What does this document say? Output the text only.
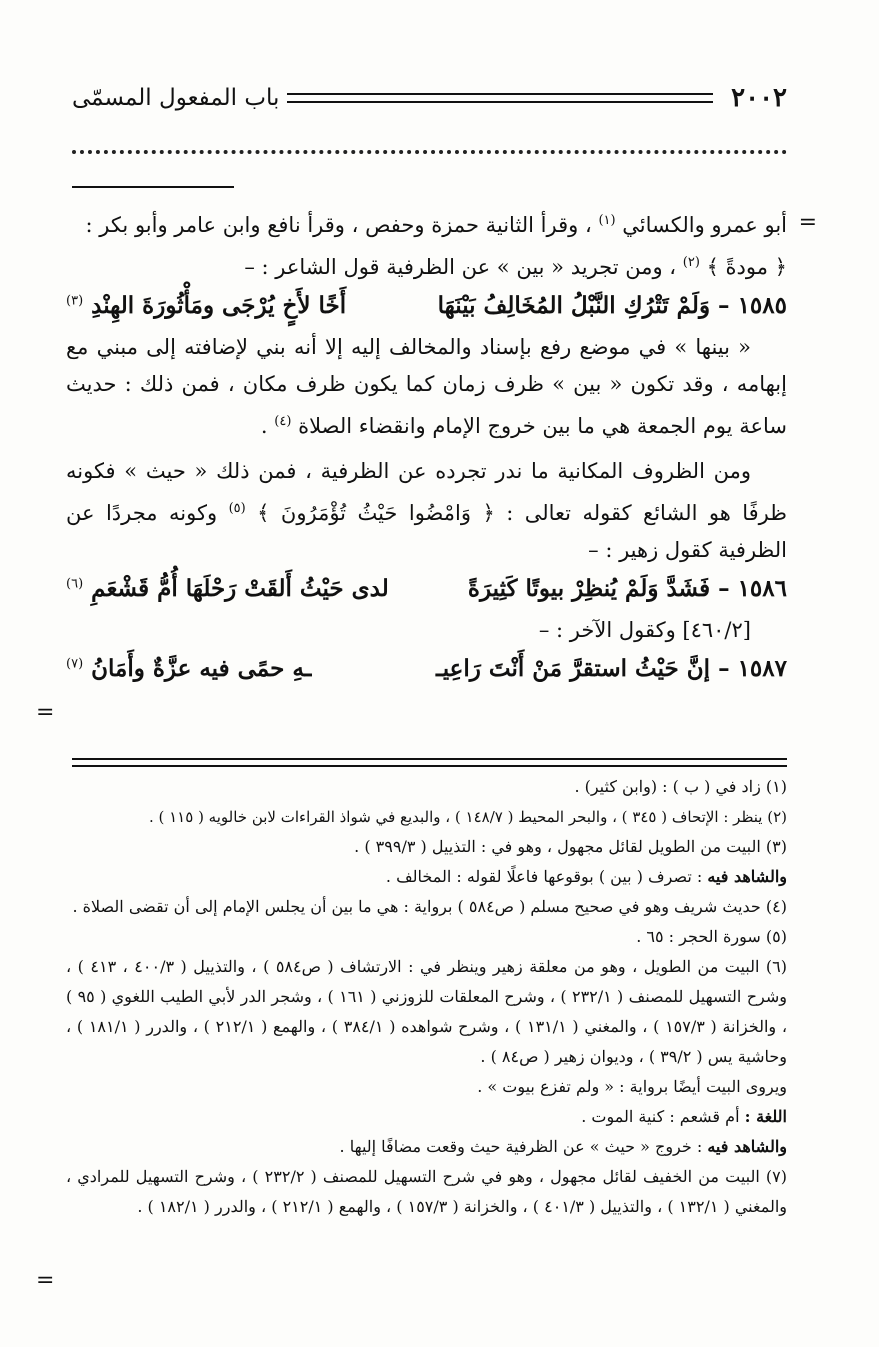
٢٠٠٢
باب المفعول المسمّى
=
أبو عمرو والكسائي $^{(١)}$ ، وقرأ الثانية حمزة وحفص ، وقرأ نافع وابن عامر وأبو بكر :
﴿ مودةً ﴾ $^{(٢)}$ ، ومن تجريد « بين » عن الظرفية قول الشاعر : –
١٥٨٥ – وَلَمْ تَتْرُكِ النَّبْلُ المُخَالِفُ بَيْنَهَا
أَخًا لأَخٍ يُرْجَى ومَأْثُورَةَ الهِنْدِ $^{(٣)}$
« بينها » في موضع رفع بإسناد والمخالف إليه إلا أنه بني لإضافته إلى مبني مع إبهامه ، وقد تكون « بين » ظرف زمان كما يكون ظرف مكان ، فمن ذلك : حديث ساعة يوم الجمعة هي ما بين خروج الإمام وانقضاء الصلاة $^{(٤)}$ .
ومن الظروف المكانية ما ندر تجرده عن الظرفية ، فمن ذلك « حيث » فكونه ظرفًا هو الشائع كقوله تعالى : ﴿ وَامْضُوا حَيْثُ تُؤْمَرُونَ ﴾ $^{(٥)}$ وكونه مجردًا عن الظرفية كقول زهير : –
١٥٨٦ – فَشَدَّ وَلَمْ يُنظِرْ بيوتًا كَثِيرَةً
لدى حَيْثُ أَلقَتْ رَحْلَهَا أُمُّ قَشْعَمِ $^{(٦)}$
[٤٦٠/٢] وكقول الآخر : –
١٥٨٧ – إنَّ حَيْثُ استقرَّ مَنْ أَنْتَ رَاعِيـ
ـهِ حمًى فيه عزَّةٌ وأَمَانُ $^{(٧)}$
=
(١) زاد في ( ب ) : (وابن كثير) .
(٢) ينظر : الإتحاف ( ٣٤٥ ) ، والبحر المحيط ( ١٤٨/٧ ) ، والبديع في شواذ القراءات لابن خالويه ( ١١٥ ) .
(٣) البيت من الطويل لقائل مجهول ، وهو في : التذييل ( ٣٩٩/٣ ) .
والشاهد فيه : تصرف ( بين ) بوقوعها فاعلًا لقوله : المخالف .
(٤) حديث شريف وهو في صحيح مسلم ( ص٥٨٤ ) برواية : هي ما بين أن يجلس الإمام إلى أن تقضى الصلاة .
(٥) سورة الحجر : ٦٥ .
(٦) البيت من الطويل ، وهو من معلقة زهير وينظر في : الارتشاف ( ص٥٨٤ ) ، والتذييل ( ٤٠٠/٣ ، ٤١٣ ) ، وشرح التسهيل للمصنف ( ٢٣٢/١ ) ، وشرح المعلقات للزوزني ( ١٦١ ) ، وشجر الدر لأبي الطيب اللغوي ( ٩٥ ) ، والخزانة ( ١٥٧/٣ ) ، والمغني ( ١٣١/١ ) ، وشرح شواهده ( ٣٨٤/١ ) ، والهمع ( ٢١٢/١ ) ، والدرر ( ١٨١/١ ) ، وحاشية يس ( ٣٩/٢ ) ، وديوان زهير ( ص٨٤ ) .
ويروى البيت أيضًا برواية : « ولم تفزع بيوت » .
اللغة : أم قشعم : كنية الموت .
والشاهد فيه : خروج « حيث » عن الظرفية حيث وقعت مضافًا إليها .
(٧) البيت من الخفيف لقائل مجهول ، وهو في شرح التسهيل للمصنف ( ٢٣٢/٢ ) ، وشرح التسهيل للمرادي ، والمغني ( ١٣٢/١ ) ، والتذييل ( ٤٠١/٣ ) ، والخزانة ( ١٥٧/٣ ) ، والهمع ( ٢١٢/١ ) ، والدرر ( ١٨٢/١ ) .
=
